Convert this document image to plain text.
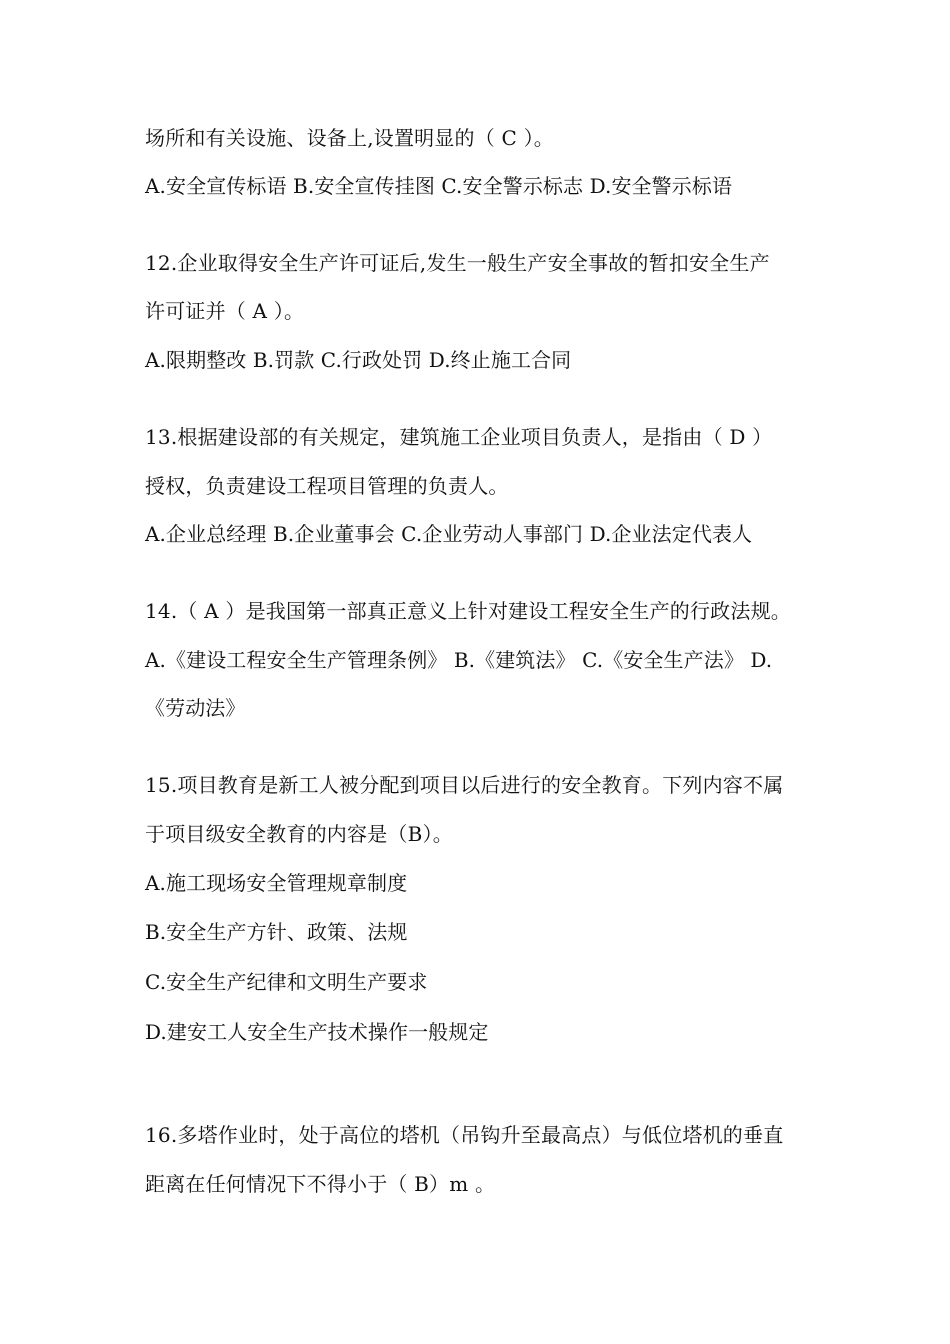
场所和有关设施、设备上,设置明显的（ C ）。
A.安全宣传标语 B.安全宣传挂图 C.安全警示标志 D.安全警示标语
12.企业取得安全生产许可证后,发生一般生产安全事故的暂扣安全生产
许可证并（ A ）。
A.限期整改 B.罚款 C.行政处罚 D.终止施工合同
13.根据建设部的有关规定，建筑施工企业项目负责人，是指由（ D ）
授权，负责建设工程项目管理的负责人。
A.企业总经理 B.企业董事会 C.企业劳动人事部门 D.企业法定代表人
14.（ A ）是我国第一部真正意义上针对建设工程安全生产的行政法规。
A.《建设工程安全生产管理条例》 B.《建筑法》 C.《安全生产法》 D.
《劳动法》
15.项目教育是新工人被分配到项目以后进行的安全教育。下列内容不属
于项目级安全教育的内容是（B）。
A.施工现场安全管理规章制度
B.安全生产方针、政策、法规
C.安全生产纪律和文明生产要求
D.建安工人安全生产技术操作一般规定
16.多塔作业时，处于高位的塔机（吊钩升至最高点）与低位塔机的垂直
距离在任何情况下不得小于（ B）m 。
